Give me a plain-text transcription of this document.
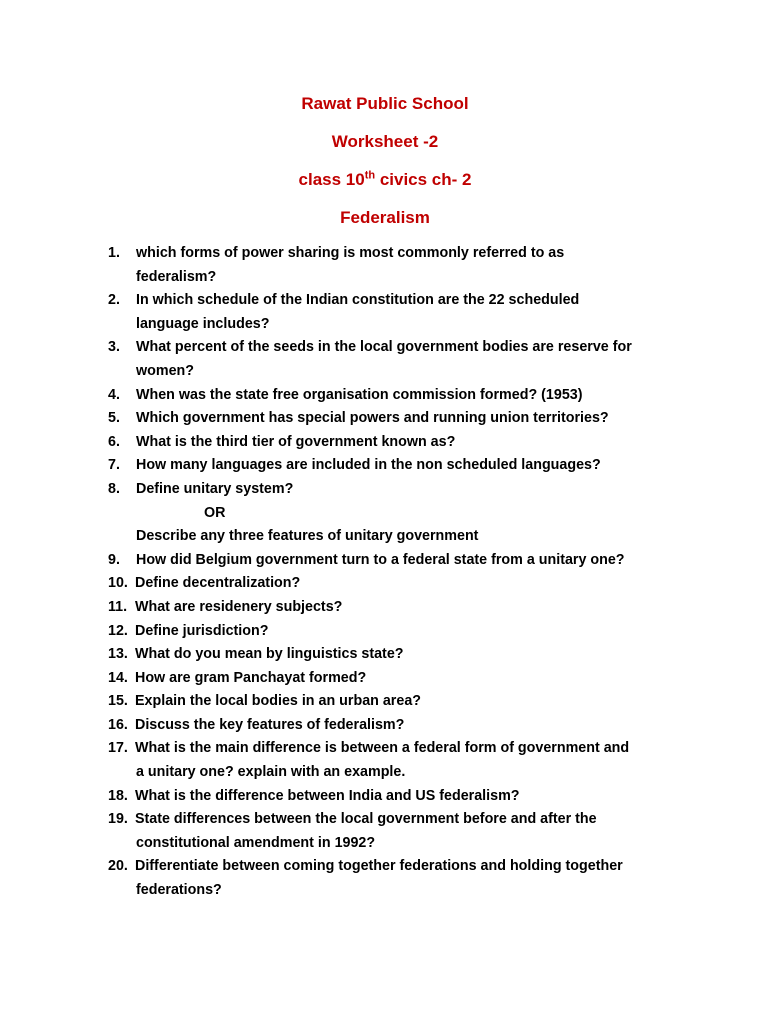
Rawat Public School
Worksheet -2
class 10th civics ch- 2
Federalism
1. which forms of power sharing is most commonly referred to as
federalism?
2. In which schedule of the Indian constitution are the 22 scheduled
language includes?
3. What percent of the seeds in the local government bodies are reserve for
women?
4. When was the state free organisation commission formed? (1953)
5. Which government has special powers and running union territories?
6. What is the third tier of government known as?
7. How many languages are included in the non scheduled languages?
8. Define unitary system?
OR
Describe any three features of unitary government
9. How did Belgium government turn to a federal state from a unitary one?
10. Define decentralization?
11. What are residenery subjects?
12. Define jurisdiction?
13. What do you mean by linguistics state?
14. How are gram Panchayat formed?
15. Explain the local bodies in an urban area?
16. Discuss the key features of federalism?
17. What is the main difference is between a federal form of government and
a unitary one? explain with an example.
18. What is the difference between India and US federalism?
19. State differences between the local government before and after the
constitutional amendment in 1992?
20. Differentiate between coming together federations and holding together
federations?
